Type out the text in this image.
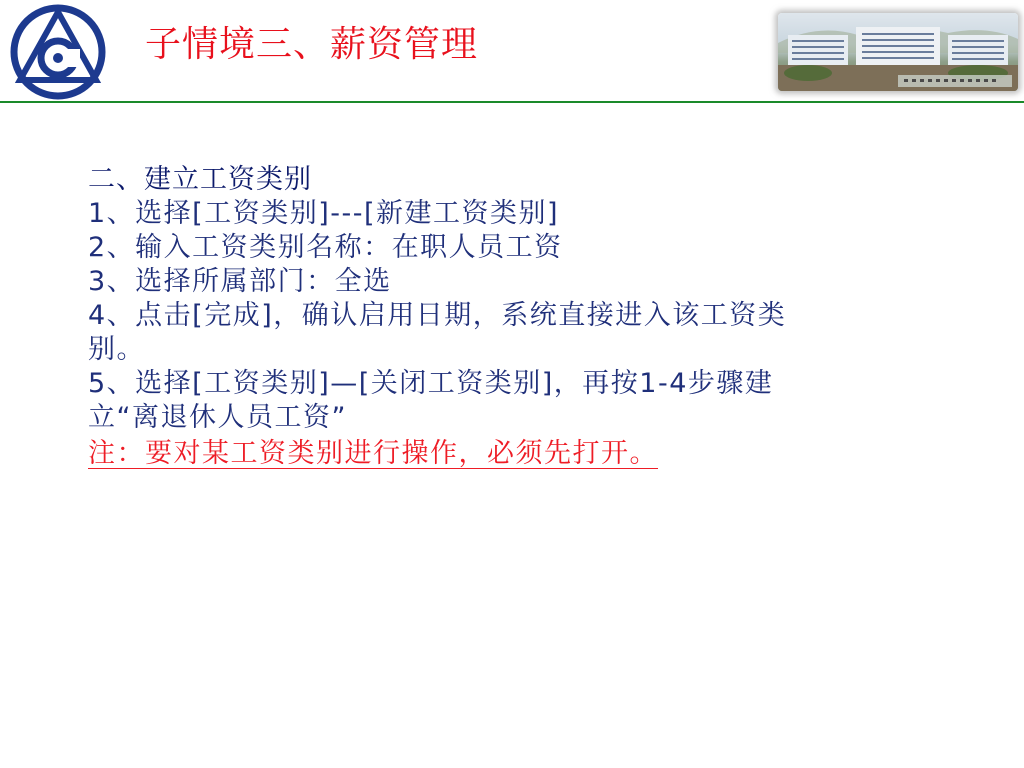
子情境三、薪资管理
二、建立工资类别
1、选择[工资类别]---[新建工资类别]
2、输入工资类别名称：在职人员工资
3、选择所属部门：全选
4、点击[完成]，确认启用日期，系统直接进入该工资类
别。
5、选择[工资类别]—[关闭工资类别]，再按1-4步骤建
立“离退休人员工资”
注：要对某工资类别进行操作，必须先打开。
